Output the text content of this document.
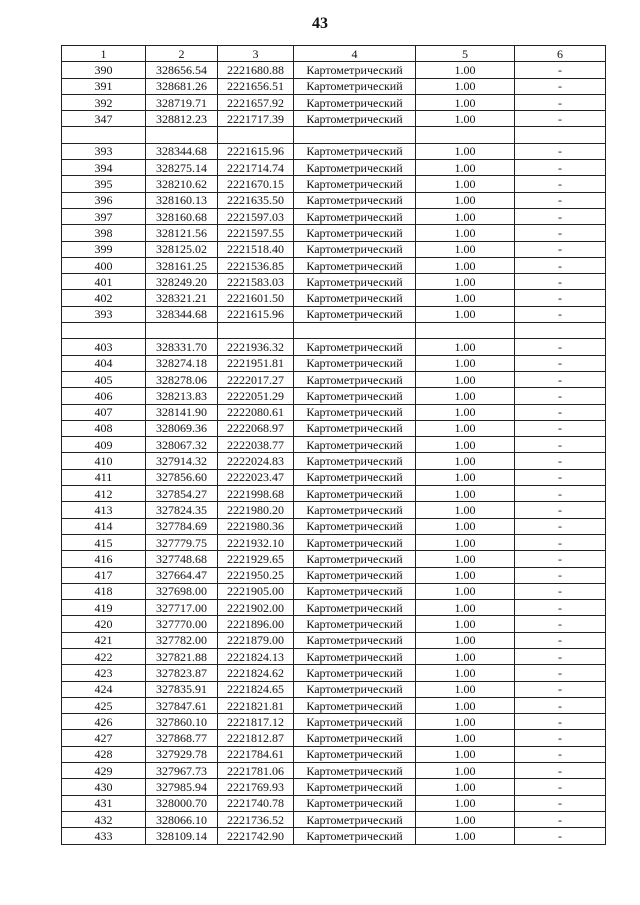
43
1	2	3	4	5	6
390	328656.54	2221680.88	Картометрический	1.00	-
391	328681.26	2221656.51	Картометрический	1.00	-
392	328719.71	2221657.92	Картометрический	1.00	-
347	328812.23	2221717.39	Картометрический	1.00	-

393	328344.68	2221615.96	Картометрический	1.00	-
394	328275.14	2221714.74	Картометрический	1.00	-
395	328210.62	2221670.15	Картометрический	1.00	-
396	328160.13	2221635.50	Картометрический	1.00	-
397	328160.68	2221597.03	Картометрический	1.00	-
398	328121.56	2221597.55	Картометрический	1.00	-
399	328125.02	2221518.40	Картометрический	1.00	-
400	328161.25	2221536.85	Картометрический	1.00	-
401	328249.20	2221583.03	Картометрический	1.00	-
402	328321.21	2221601.50	Картометрический	1.00	-
393	328344.68	2221615.96	Картометрический	1.00	-

403	328331.70	2221936.32	Картометрический	1.00	-
404	328274.18	2221951.81	Картометрический	1.00	-
405	328278.06	2222017.27	Картометрический	1.00	-
406	328213.83	2222051.29	Картометрический	1.00	-
407	328141.90	2222080.61	Картометрический	1.00	-
408	328069.36	2222068.97	Картометрический	1.00	-
409	328067.32	2222038.77	Картометрический	1.00	-
410	327914.32	2222024.83	Картометрический	1.00	-
411	327856.60	2222023.47	Картометрический	1.00	-
412	327854.27	2221998.68	Картометрический	1.00	-
413	327824.35	2221980.20	Картометрический	1.00	-
414	327784.69	2221980.36	Картометрический	1.00	-
415	327779.75	2221932.10	Картометрический	1.00	-
416	327748.68	2221929.65	Картометрический	1.00	-
417	327664.47	2221950.25	Картометрический	1.00	-
418	327698.00	2221905.00	Картометрический	1.00	-
419	327717.00	2221902.00	Картометрический	1.00	-
420	327770.00	2221896.00	Картометрический	1.00	-
421	327782.00	2221879.00	Картометрический	1.00	-
422	327821.88	2221824.13	Картометрический	1.00	-
423	327823.87	2221824.62	Картометрический	1.00	-
424	327835.91	2221824.65	Картометрический	1.00	-
425	327847.61	2221821.81	Картометрический	1.00	-
426	327860.10	2221817.12	Картометрический	1.00	-
427	327868.77	2221812.87	Картометрический	1.00	-
428	327929.78	2221784.61	Картометрический	1.00	-
429	327967.73	2221781.06	Картометрический	1.00	-
430	327985.94	2221769.93	Картометрический	1.00	-
431	328000.70	2221740.78	Картометрический	1.00	-
432	328066.10	2221736.52	Картометрический	1.00	-
433	328109.14	2221742.90	Картометрический	1.00	-
